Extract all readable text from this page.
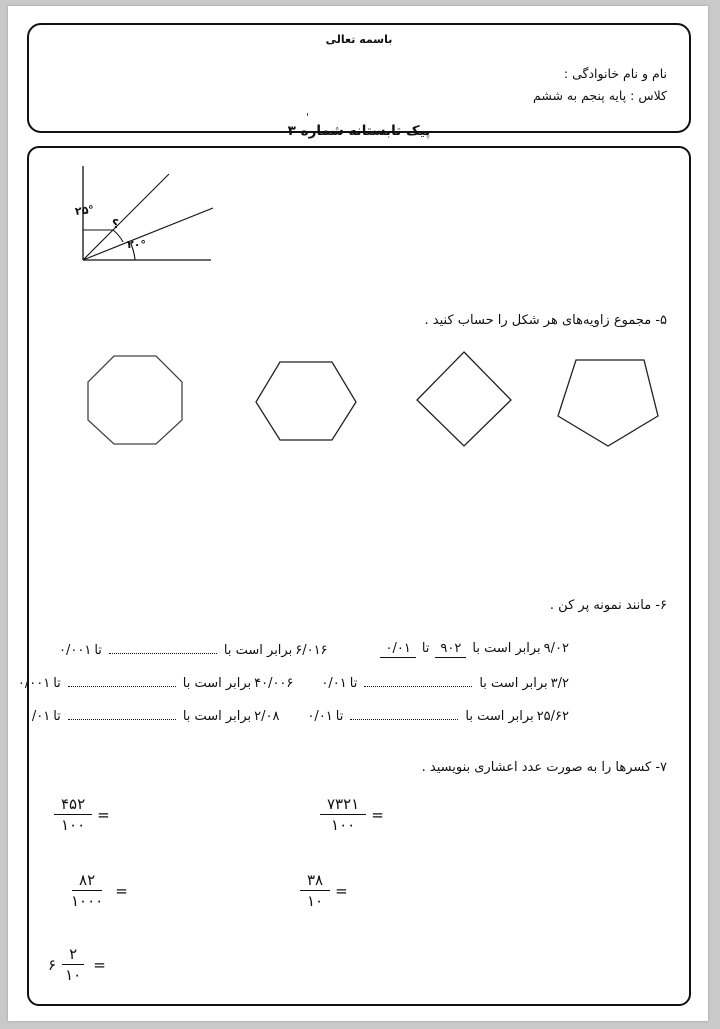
باسمه تعالی
نام و نام خانوادگی :
کلاس : پایه پنجم به ششم
'
پیک تابستانه شماره ۳
۲۵°
۲۰°
؟
۵- مجموع زاویه‌های هر شکل را حساب کنید .
۶- مانند نمونه پر کن .
۹/۰۲
برابر است با
۹۰۲
تا
۰/۰۱
۶/۰۱۶
برابر است با
تا
۰/۰۰۱
۳/۲
برابر است با
تا
۰/۰۱
۴۰/۰۰۶
برابر است با
تا
۰/۰۰۱
۲۵/۶۲
برابر است با
تا
۰/۰۱
۲/۰۸
برابر است با
تا
۰/۰۱
۷- کسرها را به صورت عدد اعشاری بنویسید .
$\frac{۷۳۲۱}{۱۰۰}$ =
$\frac{۴۵۲}{۱۰۰}$ =
$\frac{۳۸}{۱۰}$ =
$\frac{۸۲}{۱۰۰۰}$ =
۶ $\frac{۲}{۱۰}$ =
